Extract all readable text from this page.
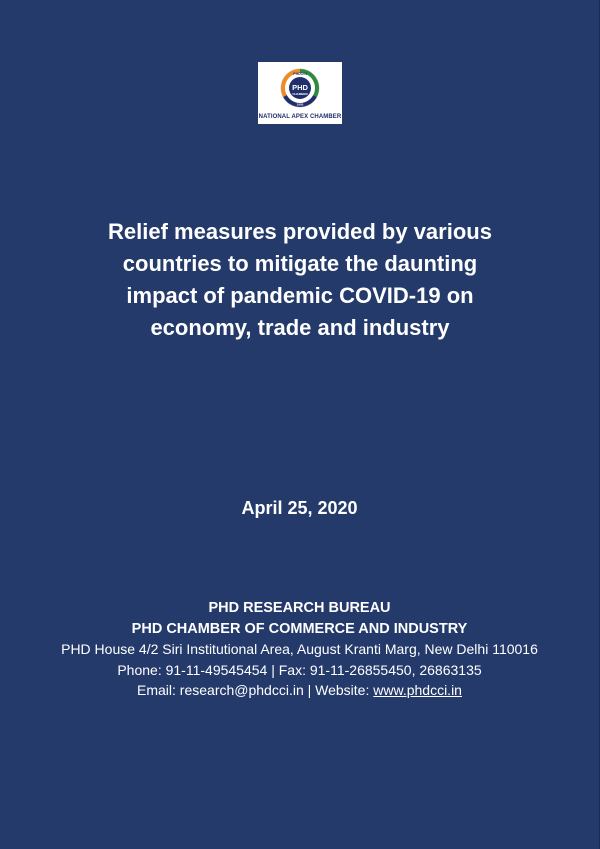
PHDCCI
PHD
CHAMBER
1905
NATIONAL APEX CHAMBER
Relief measures provided by various
countries to mitigate the daunting
impact of pandemic COVID-19 on
economy, trade and industry
April 25, 2020
PHD RESEARCH BUREAU
PHD CHAMBER OF COMMERCE AND INDUSTRY
PHD House 4/2 Siri Institutional Area, August Kranti Marg, New Delhi 110016
Phone: 91-11-49545454 | Fax: 91-11-26855450, 26863135
Email: research@phdcci.in | Website: www.phdcci.in
